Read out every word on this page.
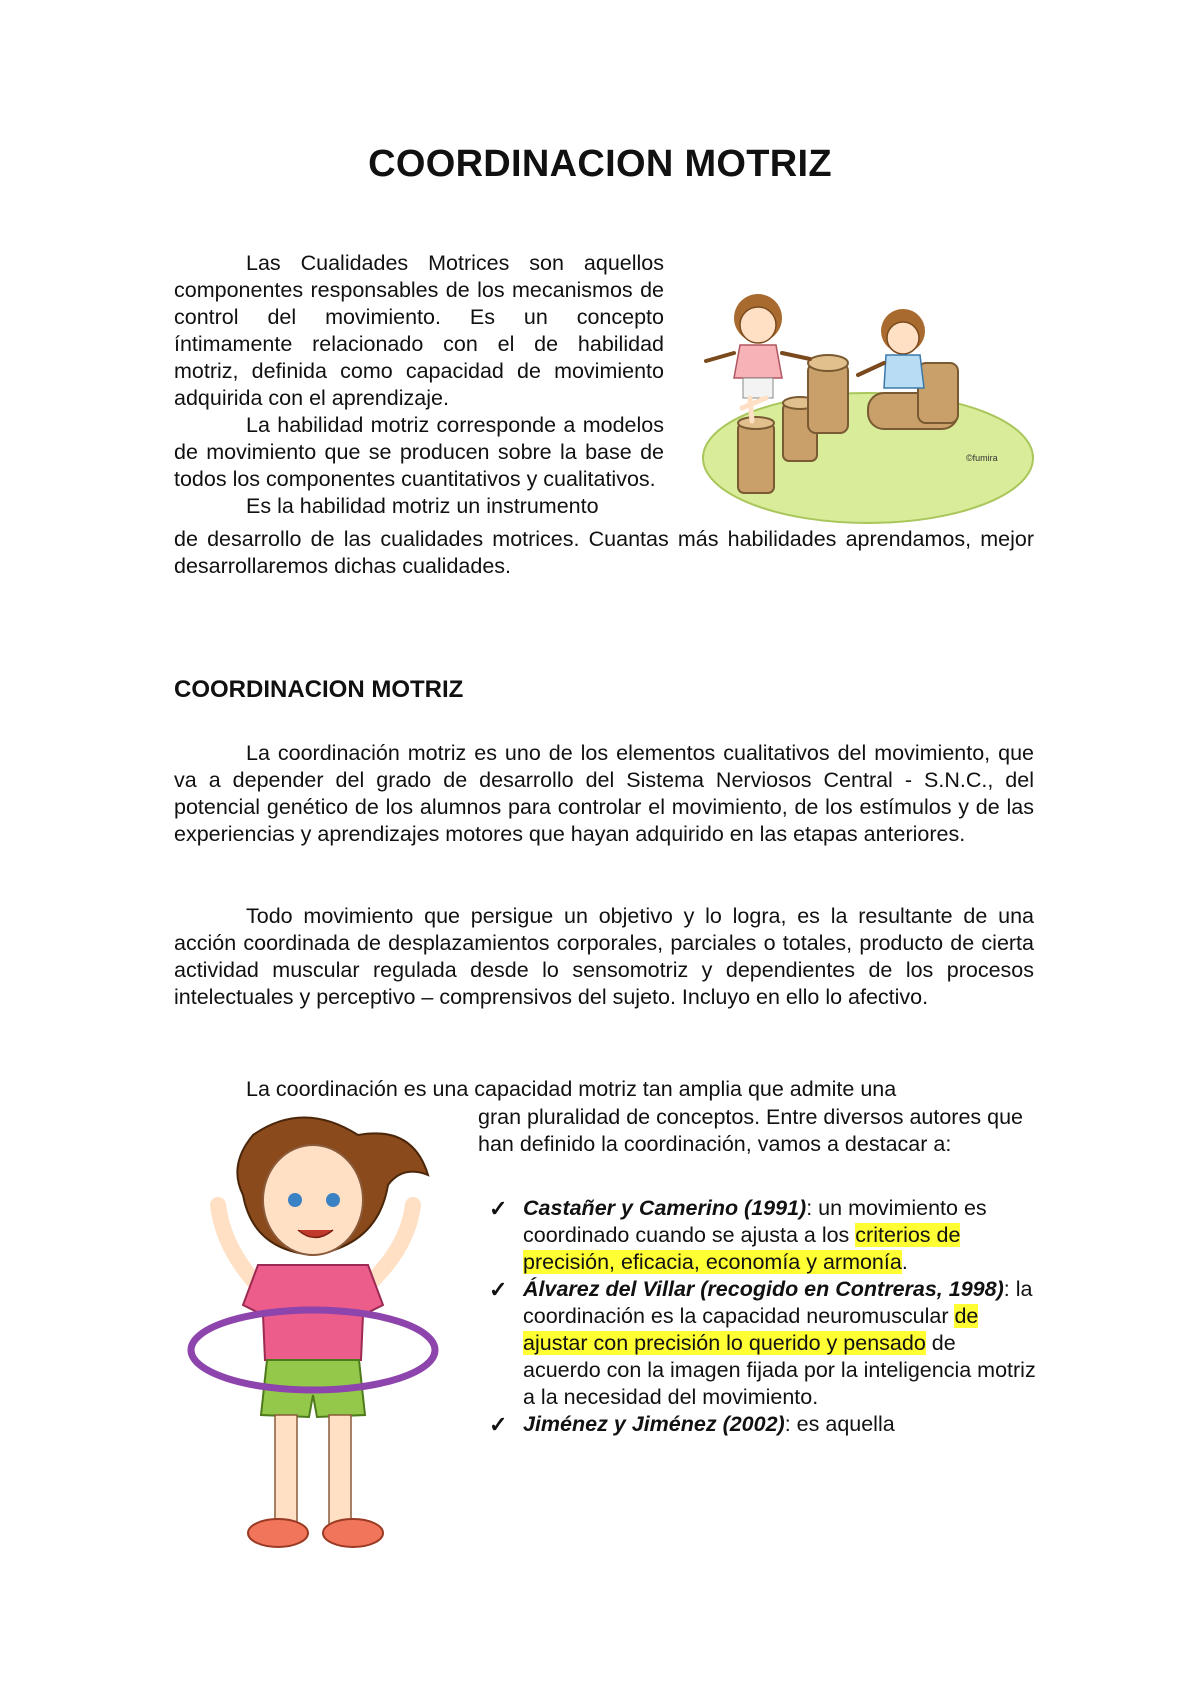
COORDINACION MOTRIZ

Las Cualidades Motrices son aquellos componentes responsables de los mecanismos de control del movimiento. Es un concepto íntimamente relacionado con el de habilidad motriz, definida como capacidad de movimiento adquirida con el aprendizaje.

La habilidad motriz corresponde a modelos de movimiento que se producen sobre la base de todos los componentes cuantitativos y cualitativos.

Es la habilidad motriz un instrumento

de desarrollo de las cualidades motrices. Cuantas más habilidades aprendamos, mejor desarrollaremos dichas cualidades.

©fumira
COORDINACION MOTRIZ

La coordinación motriz es uno de los elementos cualitativos del movimiento, que va a depender del grado de desarrollo del Sistema Nerviosos Central - S.N.C., del potencial genético de los alumnos para controlar el movimiento, de los estímulos y de las experiencias y aprendizajes motores que hayan adquirido en las etapas anteriores.

Todo movimiento que persigue un objetivo y lo logra, es la resultante de una acción coordinada de desplazamientos corporales, parciales o totales, producto de cierta actividad muscular regulada desde lo sensomotriz y dependientes de los procesos intelectuales y perceptivo – comprensivos del sujeto. Incluyo en ello lo afectivo.

La coordinación es una capacidad motriz tan amplia que admite una

gran pluralidad de conceptos. Entre diversos autores que han definido la coordinación, vamos a destacar a:

✓ Castañer y Camerino (1991): un movimiento es coordinado cuando se ajusta a los criterios de precisión, eficacia, economía y armonía.
✓ Álvarez del Villar (recogido en Contreras, 1998): la coordinación es la capacidad neuromuscular de ajustar con precisión lo querido y pensado de acuerdo con la imagen fijada por la inteligencia motriz a la necesidad del movimiento.
✓ Jiménez y Jiménez (2002): es aquella
